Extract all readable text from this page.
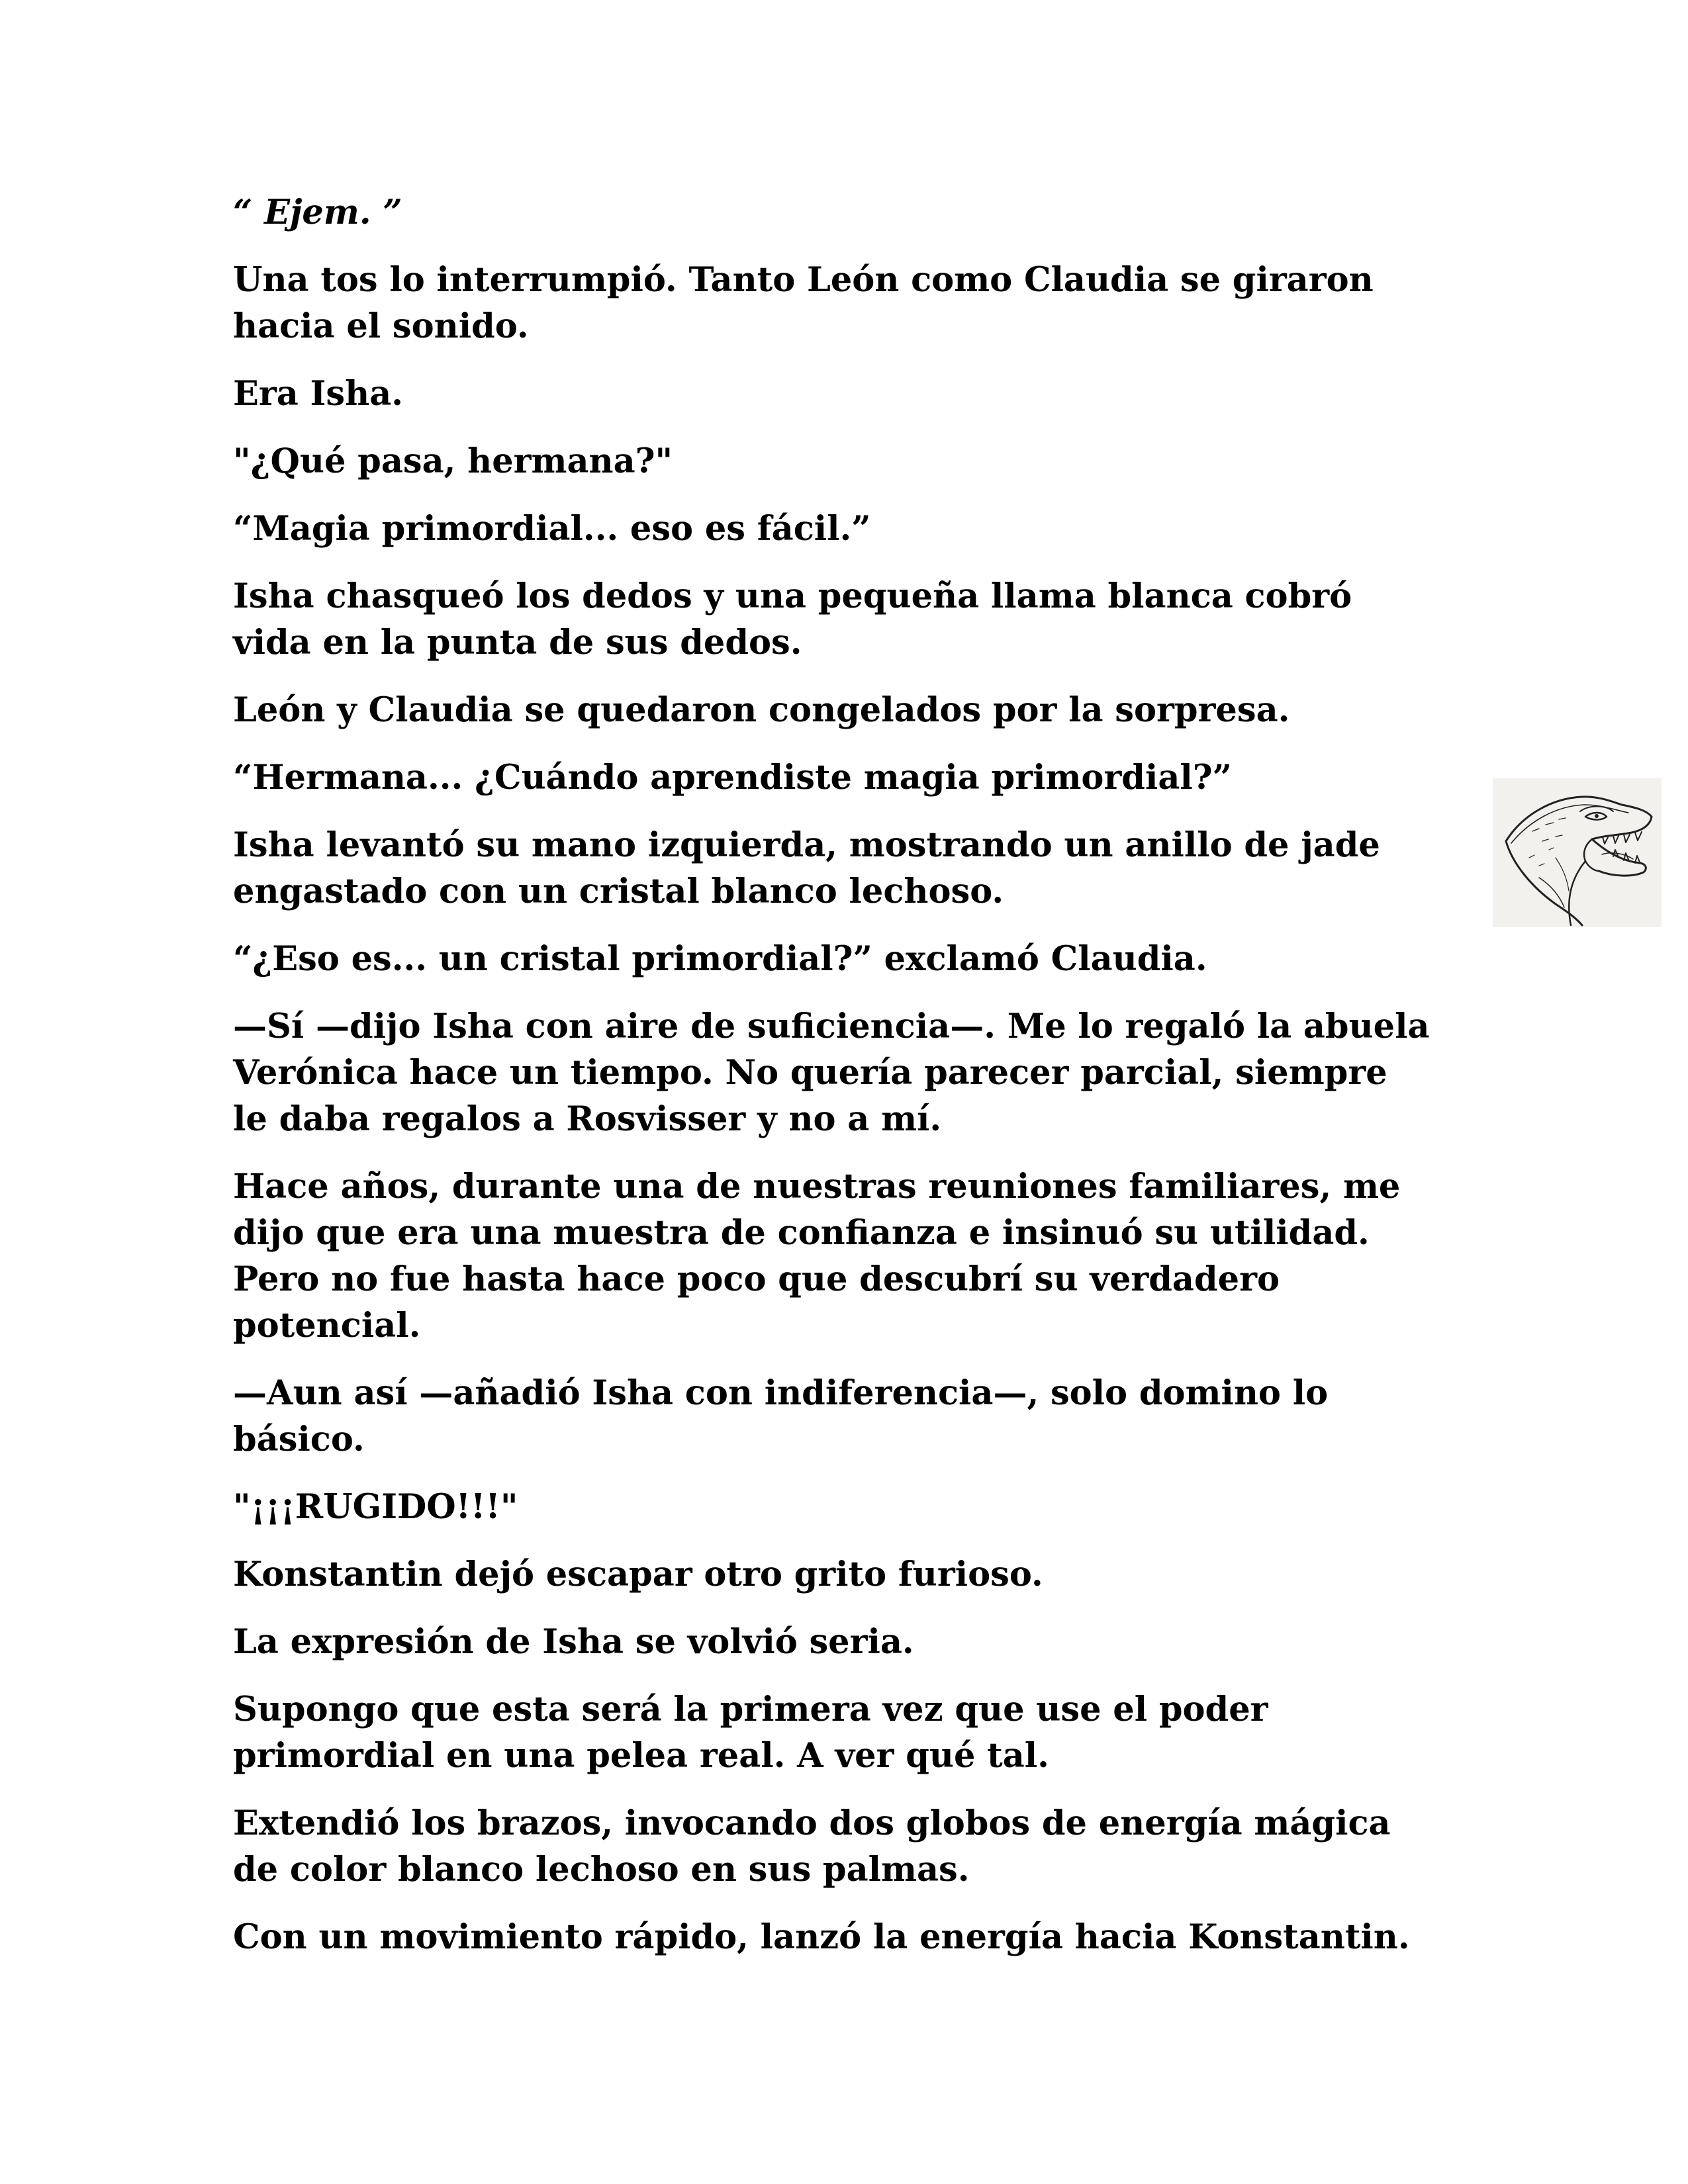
“ Ejem. ”

Una tos lo interrumpió. Tanto León como Claudia se giraron
hacia el sonido.

Era Isha.

"¿Qué pasa, hermana?"

“Magia primordial... eso es fácil.”

Isha chasqueó los dedos y una pequeña llama blanca cobró
vida en la punta de sus dedos.

León y Claudia se quedaron congelados por la sorpresa.

“Hermana... ¿Cuándo aprendiste magia primordial?”

Isha levantó su mano izquierda, mostrando un anillo de jade
engastado con un cristal blanco lechoso.

“¿Eso es... un cristal primordial?” exclamó Claudia.

—Sí —dijo Isha con aire de suficiencia—. Me lo regaló la abuela
Verónica hace un tiempo. No quería parecer parcial, siempre
le daba regalos a Rosvisser y no a mí.

Hace años, durante una de nuestras reuniones familiares, me
dijo que era una muestra de confianza e insinuó su utilidad.
Pero no fue hasta hace poco que descubrí su verdadero
potencial.

—Aun así —añadió Isha con indiferencia—, solo domino lo
básico.

"¡¡¡RUGIDO!!!"

Konstantin dejó escapar otro grito furioso.

La expresión de Isha se volvió seria.

Supongo que esta será la primera vez que use el poder
primordial en una pelea real. A ver qué tal.

Extendió los brazos, invocando dos globos de energía mágica
de color blanco lechoso en sus palmas.

Con un movimiento rápido, lanzó la energía hacia Konstantin.
